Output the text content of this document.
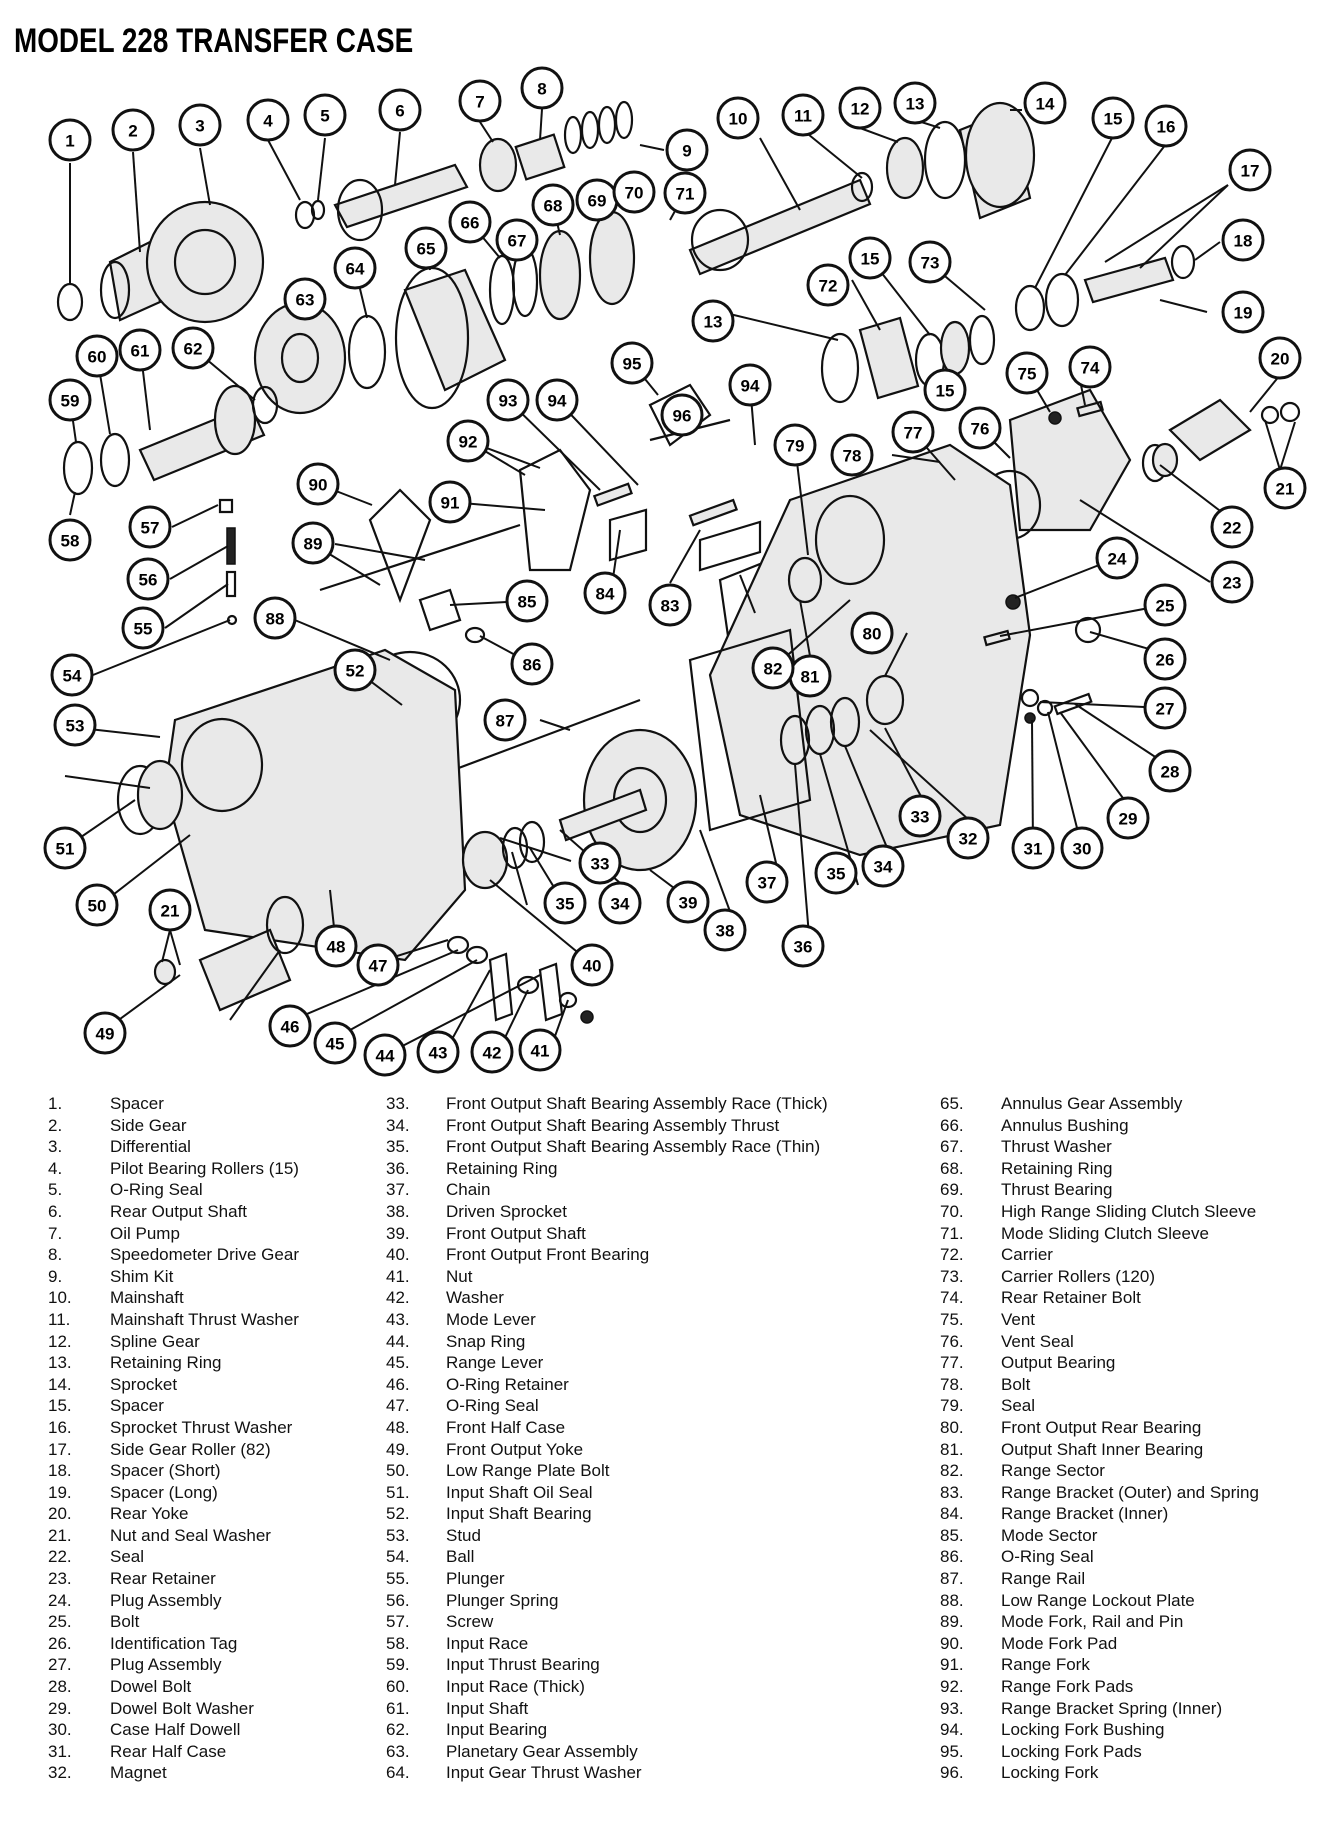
MODEL 228 TRANSFER CASE
1
2	3	4	5	6	7
8
9
10	11 12 13	14
15 16
17
18
19
20
21
22
23
24
25
26
27
28
29
30
31
32
33
34
35
36
37
38
39
40
41
42
43
44
45
46
47
48
49
50
51
52
53
54
55
56
57
58
59
60 61 62
63
64
65
66
67
68 69 70 71
72
73
74
75
76
77
78
79
80
81
82
83
84
85
86
87
88
89
90
91
92
93 94
95
96
13
15
15
21
33
34
35
94
1.	Spacer
2.	Side Gear
3.	Differential
4.	Pilot Bearing Rollers (15)
5.	O-Ring Seal
6.	Rear Output Shaft
7.	Oil Pump
8.	Speedometer Drive Gear
9.	Shim Kit
10. Mainshaft
11. Mainshaft Thrust Washer
12. Spline Gear
13. Retaining Ring
14. Sprocket
15. Spacer
16. Sprocket Thrust Washer
17. Side Gear Roller (82)
18. Spacer (Short)
19. Spacer (Long)
20. Rear Yoke
21. Nut and Seal Washer
22. Seal
23. Rear Retainer
24. Plug Assembly
25. Bolt
26. Identification Tag
27. Plug Assembly
28. Dowel Bolt
29. Dowel Bolt Washer
30. Case Half Dowell
31. Rear Half Case
32. Magnet
33. Front Output Shaft Bearing Assembly Race (Thick)
34. Front Output Shaft Bearing Assembly Thrust
35. Front Output Shaft Bearing Assembly Race (Thin)
36. Retaining Ring
37. Chain
38. Driven Sprocket
39. Front Output Shaft
40. Front Output Front Bearing
41. Nut
42. Washer
43. Mode Lever
44. Snap Ring
45. Range Lever
46. O-Ring Retainer
47. O-Ring Seal
48. Front Half Case
49. Front Output Yoke
50. Low Range Plate Bolt
51. Input Shaft Oil Seal
52. Input Shaft Bearing
53. Stud
54. Ball
55. Plunger
56. Plunger Spring
57. Screw
58. Input Race
59. Input Thrust Bearing
60. Input Race (Thick)
61. Input Shaft
62. Input Bearing
63. Planetary Gear Assembly
64. Input Gear Thrust Washer
65. Annulus Gear Assembly
66. Annulus Bushing
67. Thrust Washer
68. Retaining Ring
69. Thrust Bearing
70. High Range Sliding Clutch Sleeve
71. Mode Sliding Clutch Sleeve
72. Carrier
73. Carrier Rollers (120)
74. Rear Retainer Bolt
75. Vent
76. Vent Seal
77. Output Bearing
78. Bolt
79. Seal
80. Front Output Rear Bearing
81. Output Shaft Inner Bearing
82. Range Sector
83. Range Bracket (Outer) and Spring
84. Range Bracket (Inner)
85. Mode Sector
86. O-Ring Seal
87. Range Rail
88. Low Range Lockout Plate
89. Mode Fork, Rail and Pin
90. Mode Fork Pad
91. Range Fork
92. Range Fork Pads
93. Range Bracket Spring (Inner)
94. Locking Fork Bushing
95. Locking Fork Pads
96. Locking Fork
